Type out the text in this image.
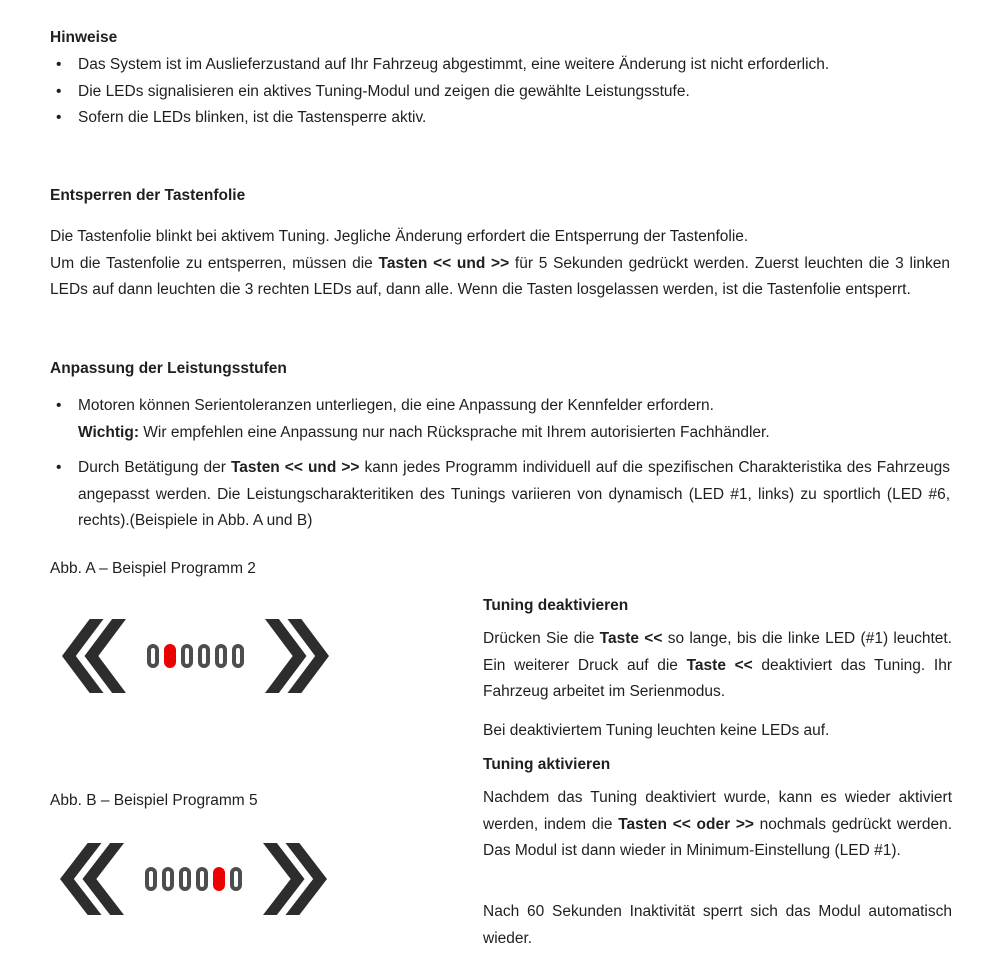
Hinweise
•	Das System ist im Auslieferzustand auf Ihr Fahrzeug abgestimmt, eine weitere Änderung ist nicht erforderlich.

•	Die LEDs signalisieren ein aktives Tuning-Modul und zeigen die gewählte Leistungsstufe.

•	Sofern die LEDs blinken, ist die Tastensperre aktiv.

Entsperren der Tastenfolie

Die Tastenfolie blinkt bei aktivem Tuning. Jegliche Änderung erfordert die Entsperrung der Tastenfolie.

Um die Tastenfolie zu entsperren, müssen die Tasten << und >> für 5 Sekunden gedrückt werden. Zuerst leuchten die 3 linken LEDs auf dann leuchten die 3 rechten LEDs auf, dann alle. Wenn die Tasten losgelassen werden, ist die Tastenfolie entsperrt.

Anpassung der Leistungsstufen
•	Motoren können Serientoleranzen unterliegen, die eine Anpassung der Kennfelder erfordern.

Wichtig: Wir empfehlen eine Anpassung nur nach Rücksprache mit Ihrem autorisierten Fachhändler.

•	Durch Betätigung der Tasten << und >> kann jedes Programm individuell auf die spezifischen Charakteristika des Fahrzeugs angepasst werden. Die Leistungscharakteritiken des Tunings variieren von dynamisch (LED #1, links) zu sportlich (LED #6, rechts).(Beispiele in Abb. A und B)

Abb. A – Beispiel Programm 2
Abb. B – Beispiel Programm 5
Tuning deaktivieren

Drücken Sie die Taste << so lange, bis die linke LED (#1) leuchtet. Ein weiterer Druck auf die Taste << deaktiviert das Tuning. Ihr Fahrzeug arbeitet im Serienmodus.

Bei deaktiviertem Tuning leuchten keine LEDs auf.

Tuning aktivieren

Nachdem das Tuning deaktiviert wurde, kann es wieder aktiviert werden, indem die Tasten << oder >> nochmals gedrückt werden. Das Modul ist dann wieder in Minimum-Einstellung (LED #1).

Nach 60 Sekunden Inaktivität sperrt sich das Modul automatisch wieder.
